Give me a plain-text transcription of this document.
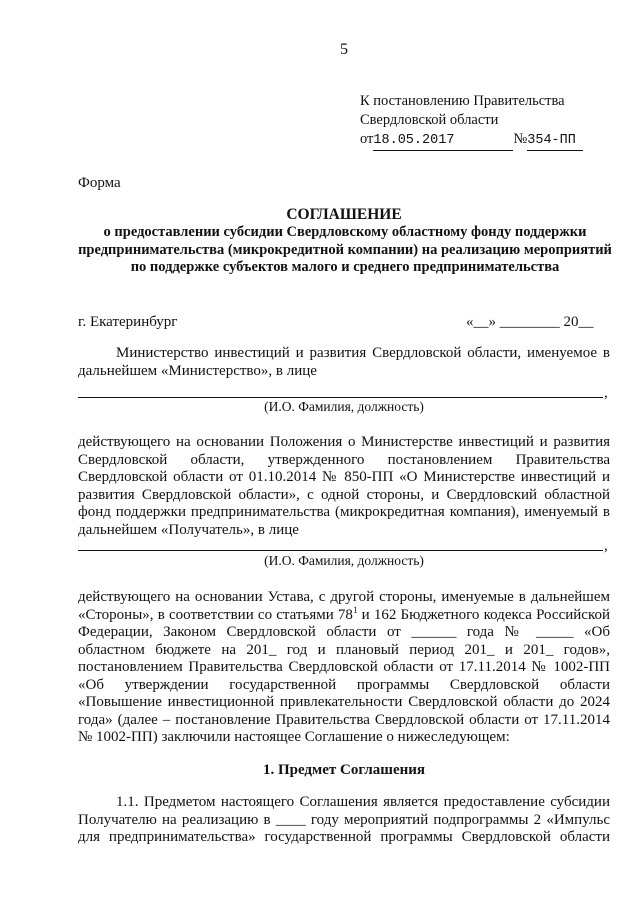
5
К постановлению Правительства
Свердловской области
от18.05.2017	№354-ПП
Форма
СОГЛАШЕНИЕ
о предоставлении субсидии Свердловскому областному фонду поддержки предпринимательства (микрокредитной компании) на реализацию мероприятий по поддержке субъектов малого и среднего предпринимательства
г. Екатеринбург	«__» ________ 20__
Министерство инвестиций и развития Свердловской области, именуемое в дальнейшем «Министерство», в лице
,
(И.О. Фамилия, должность)
действующего на основании Положения о Министерстве инвестиций и развития Свердловской области, утвержденного постановлением Правительства Свердловской области от 01.10.2014 № 850-ПП «О Министерстве инвестиций и развития Свердловской области», с одной стороны, и Свердловский областной фонд поддержки предпринимательства (микрокредитная компания), именуемый в дальнейшем «Получатель», в лице
,
(И.О. Фамилия, должность)
действующего на основании Устава, с другой стороны, именуемые в дальнейшем «Стороны», в соответствии со статьями $78^1$ и 162 Бюджетного кодекса Российской Федерации, Законом Свердловской области от ______ года № _____ «Об областном бюджете на 201_ год и плановый период 201_ и 201_ годов», постановлением Правительства Свердловской области от 17.11.2014 № 1002-ПП «Об утверждении государственной программы Свердловской области «Повышение инвестиционной привлекательности Свердловской области до 2024 года» (далее – постановление Правительства Свердловской области от 17.11.2014 № 1002-ПП) заключили настоящее Соглашение о нижеследующем:
1. Предмет Соглашения
1.1. Предметом настоящего Соглашения является предоставление субсидии Получателю на реализацию в ____ году мероприятий подпрограммы 2 «Импульс для предпринимательства» государственной программы Свердловской области
